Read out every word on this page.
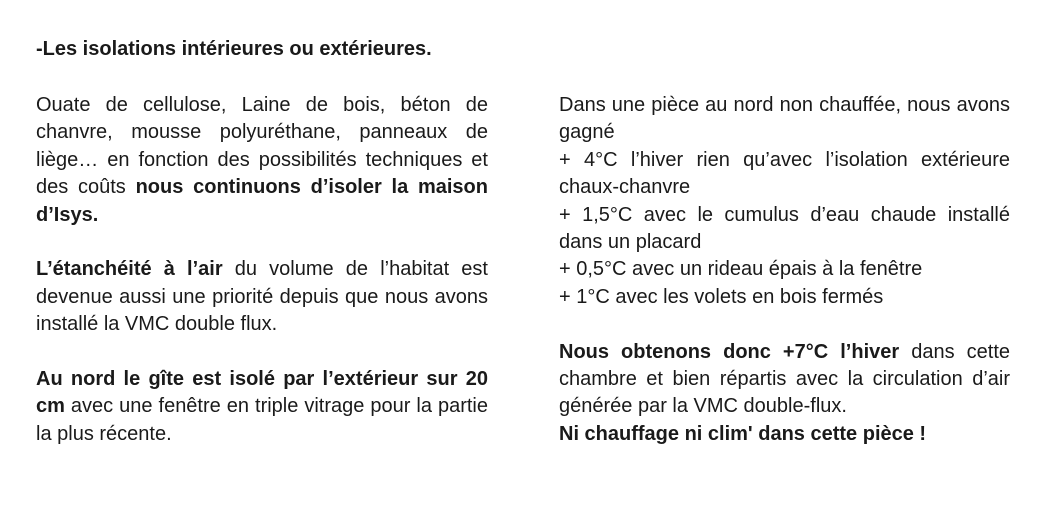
-Les isolations intérieures ou extérieures.

Ouate de cellulose, Laine de bois, béton de chanvre, mousse polyuréthane, panneaux de liège… en fonction des possibilités techniques et des coûts nous continuons d’isoler la maison d’Isys.

L’étanchéité à l’air du volume de l’habitat est devenue aussi une priorité depuis que nous avons installé la VMC double flux.

Au nord le gîte est isolé par l’extérieur sur 20 cm avec une fenêtre en triple vitrage pour la partie la plus récente.

Dans une pièce au nord non chauffée, nous avons gagné
+ 4°C l’hiver rien qu’avec l’isolation extérieure chaux-chanvre
+ 1,5°C avec le cumulus d’eau chaude installé dans un placard
+ 0,5°C avec un rideau épais à la fenêtre
+ 1°C avec les volets en bois fermés

Nous obtenons donc +7°C l’hiver dans cette chambre et bien répartis avec la circulation d’air générée par la VMC double-flux.

Ni chauffage ni clim' dans cette pièce !
